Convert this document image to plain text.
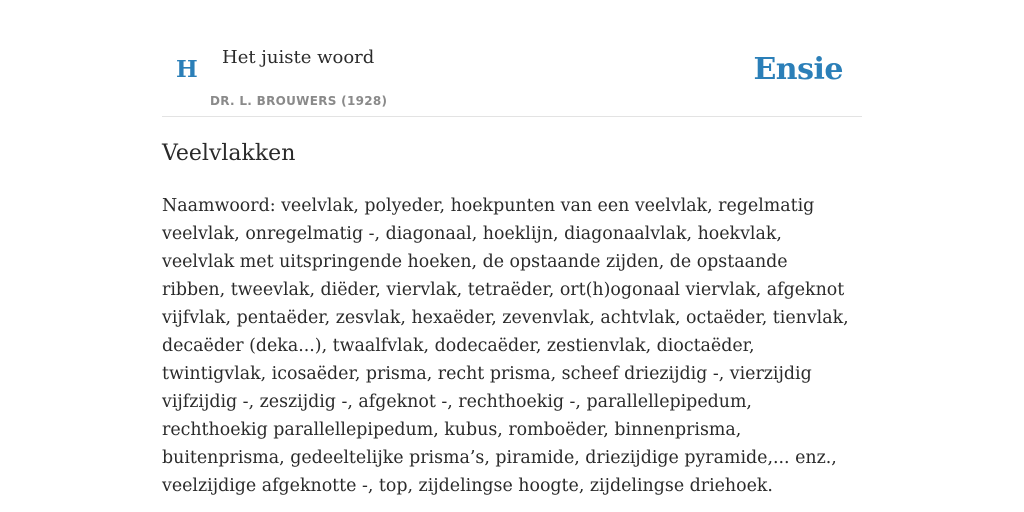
H Het juiste woord
DR. L. BROUWERS (1928)
Ensie
Veelvlakken

Naamwoord: veelvlak, polyeder, hoekpunten van een veelvlak, regelmatig veelvlak, onregelmatig -, diagonaal, hoeklijn, diagonaalvlak, hoekvlak, veelvlak met uitspringende hoeken, de opstaande zijden, de opstaande ribben, tweevlak, diëder, viervlak, tetraëder, ort(h)ogonaal viervlak, afgeknot vijfvlak, pentaëder, zesvlak, hexaëder, zevenvlak, achtvlak, octaëder, tienvlak, decaëder (deka...), twaalfvlak, dodecaëder, zestienvlak, dioctaëder, twintigvlak, icosaëder, prisma, recht prisma, scheef driezijdig -, vierzijdig vijfzijdig -, zeszijdig -, afgeknot -, rechthoekig -, parallellepipedum, rechthoekig parallellepipedum, kubus, romboëder, binnenprisma, buitenprisma, gedeeltelijke prisma’s, piramide, driezijdige pyramide,... enz., veelzijdige afgeknotte -, top, zijdelingse hoogte, zijdelingse driehoek.
